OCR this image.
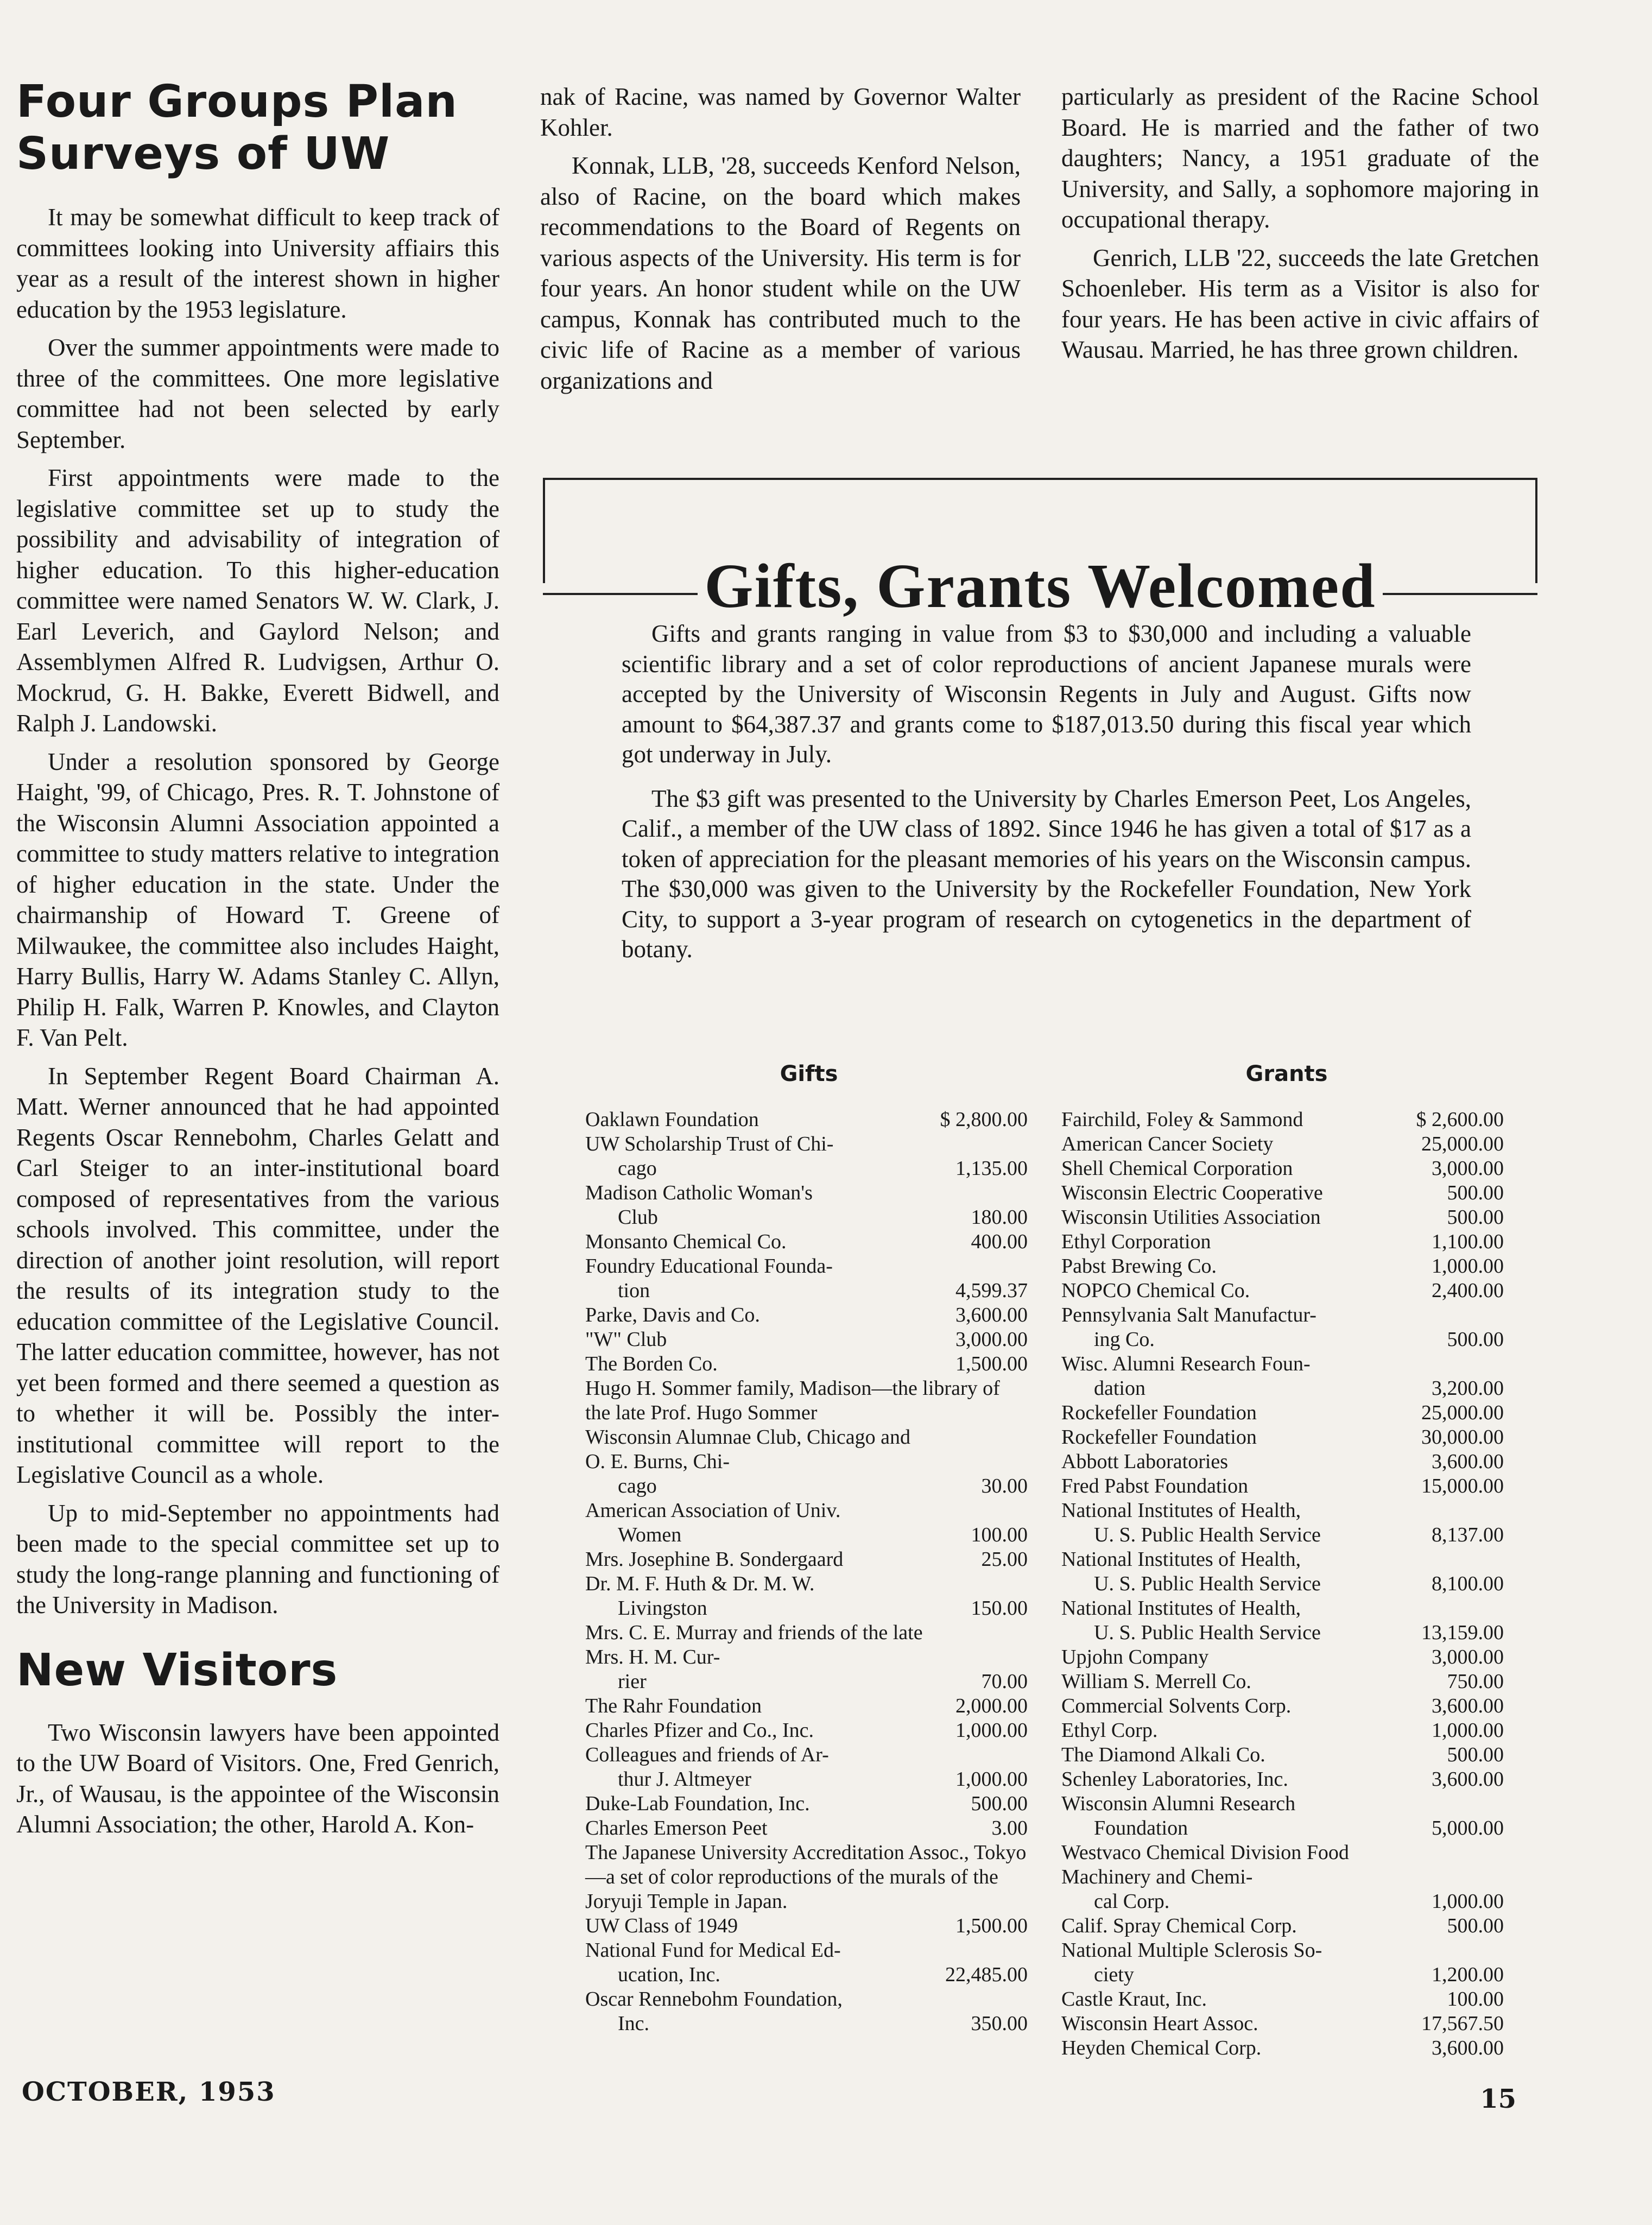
Four Groups Plan Surveys of UW

It may be somewhat difficult to keep track of committees looking into University affiairs this year as a result of the interest shown in higher education by the 1953 legislature.

Over the summer appointments were made to three of the committees. One more legislative committee had not been selected by early September.

First appointments were made to the legislative committee set up to study the possibility and advisability of integration of higher education. To this higher-education committee were named Senators W. W. Clark, J. Earl Leverich, and Gaylord Nelson; and Assemblymen Alfred R. Ludvigsen, Arthur O. Mockrud, G. H. Bakke, Everett Bidwell, and Ralph J. Landowski.

Under a resolution sponsored by George Haight, '99, of Chicago, Pres. R. T. Johnstone of the Wisconsin Alumni Association appointed a committee to study matters relative to integration of higher education in the state. Under the chairmanship of Howard T. Greene of Milwaukee, the committee also includes Haight, Harry Bullis, Harry W. Adams Stanley C. Allyn, Philip H. Falk, Warren P. Knowles, and Clayton F. Van Pelt.

In September Regent Board Chairman A. Matt. Werner announced that he had appointed Regents Oscar Rennebohm, Charles Gelatt and Carl Steiger to an inter-institutional board composed of representatives from the various schools involved. This committee, under the direction of another joint resolution, will report the results of its integration study to the education committee of the Legislative Council. The latter education committee, however, has not yet been formed and there seemed a question as to whether it will be. Possibly the inter-institutional committee will report to the Legislative Council as a whole.

Up to mid-September no appointments had been made to the special committee set up to study the long-range planning and functioning of the University in Madison.

New Visitors

Two Wisconsin lawyers have been appointed to the UW Board of Visitors. One, Fred Genrich, Jr., of Wausau, is the appointee of the Wisconsin Alumni Association; the other, Harold A. Kon-

nak of Racine, was named by Governor Walter Kohler.

Konnak, LLB, '28, succeeds Kenford Nelson, also of Racine, on the board which makes recommendations to the Board of Regents on various aspects of the University. His term is for four years. An honor student while on the UW campus, Konnak has contributed much to the civic life of Racine as a member of various organizations and

particularly as president of the Racine School Board. He is married and the father of two daughters; Nancy, a 1951 graduate of the University, and Sally, a sophomore majoring in occupational therapy.

Genrich, LLB '22, succeeds the late Gretchen Schoenleber. His term as a Visitor is also for four years. He has been active in civic affairs of Wausau. Married, he has three grown children.

Gifts, Grants Welcomed

Gifts and grants ranging in value from $3 to $30,000 and including a valuable scientific library and a set of color reproductions of ancient Japanese murals were accepted by the University of Wisconsin Regents in July and August. Gifts now amount to $64,387.37 and grants come to $187,013.50 during this fiscal year which got underway in July.

The $3 gift was presented to the University by Charles Emerson Peet, Los Angeles, Calif., a member of the UW class of 1892. Since 1946 he has given a total of $17 as a token of appreciation for the pleasant memories of his years on the Wisconsin campus. The $30,000 was given to the University by the Rockefeller Foundation, New York City, to support a 3-year program of research on cytogenetics in the department of botany.

Gifts	Grants
Oaklawn Foundation	$ 2,800.00
UW Scholarship Trust of Chi-
cago	1,135.00
Madison Catholic Woman's
Club	180.00
Monsanto Chemical Co.	400.00
Foundry Educational Founda-
tion	4,599.37
Parke, Davis and Co.	3,600.00
"W" Club	3,000.00
The Borden Co.	1,500.00
Hugo H. Sommer family, Madison—the library of the late Prof. Hugo Sommer
Wisconsin Alumnae Club, Chicago and O. E. Burns, Chi-
cago	30.00
American Association of Univ.
Women	100.00
Mrs. Josephine B. Sondergaard	25.00
Dr. M. F. Huth & Dr. M. W.
Livingston	150.00
Mrs. C. E. Murray and friends of the late Mrs. H. M. Cur-
rier	70.00
The Rahr Foundation	2,000.00
Charles Pfizer and Co., Inc.	1,000.00
Colleagues and friends of Ar-
thur J. Altmeyer	1,000.00
Duke-Lab Foundation, Inc.	500.00
Charles Emerson Peet	3.00
The Japanese University Accreditation Assoc., Tokyo—a set of color reproductions of the murals of the Joryuji Temple in Japan.
UW Class of 1949	1,500.00
National Fund for Medical Ed-
ucation, Inc.	22,485.00
Oscar Rennebohm Foundation,
Inc.	350.00
Fairchild, Foley & Sammond	$ 2,600.00
American Cancer Society	25,000.00
Shell Chemical Corporation	3,000.00
Wisconsin Electric Cooperative	500.00
Wisconsin Utilities Association	500.00
Ethyl Corporation	1,100.00
Pabst Brewing Co.	1,000.00
NOPCO Chemical Co.	2,400.00
Pennsylvania Salt Manufactur-
ing Co.	500.00
Wisc. Alumni Research Foun-
dation	3,200.00
Rockefeller Foundation	25,000.00
Rockefeller Foundation	30,000.00
Abbott Laboratories	3,600.00
Fred Pabst Foundation	15,000.00
National Institutes of Health,
U. S. Public Health Service	8,137.00
National Institutes of Health,
U. S. Public Health Service	8,100.00
National Institutes of Health,
U. S. Public Health Service	13,159.00
Upjohn Company	3,000.00
William S. Merrell Co.	750.00
Commercial Solvents Corp.	3,600.00
Ethyl Corp.	1,000.00
The Diamond Alkali Co.	500.00
Schenley Laboratories, Inc.	3,600.00
Wisconsin Alumni Research
Foundation	5,000.00
Westvaco Chemical Division Food Machinery and Chemi-
cal Corp.	1,000.00
Calif. Spray Chemical Corp.	500.00
National Multiple Sclerosis So-
ciety	1,200.00
Castle Kraut, Inc.	100.00
Wisconsin Heart Assoc.	17,567.50
Heyden Chemical Corp.	3,600.00
OCTOBER, 1953	15
